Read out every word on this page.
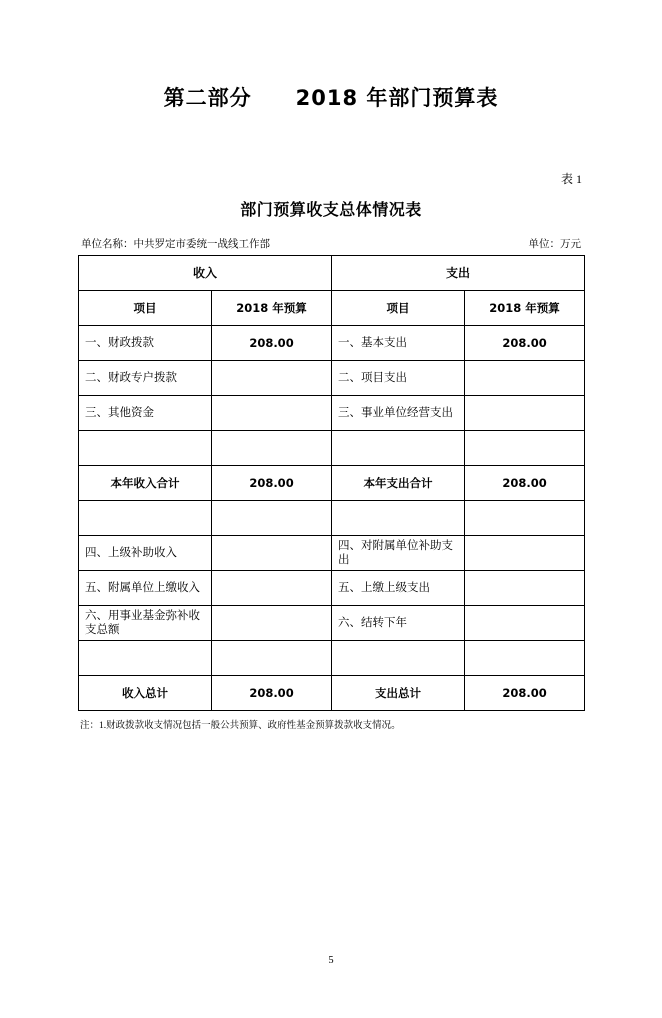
第二部分　　2018 年部门预算表
表 1
部门预算收支总体情况表
单位名称：中共罗定市委统一战线工作部	单位：万元
收入		支出	
项目	2018 年预算	项目	2018 年预算
一、财政拨款	208.00	一、基本支出	208.00
二、财政专户拨款		二、项目支出	
三、其他资金		三、事业单位经营支出	

本年收入合计	208.00	本年支出合计	208.00

四、上级补助收入		四、对附属单位补助支出	
五、附属单位上缴收入		五、上缴上级支出	
六、用事业基金弥补收支总额		六、结转下年	

收入总计	208.00	支出总计	208.00
注：1.财政拨款收支情况包括一般公共预算、政府性基金预算拨款收支情况。
5
